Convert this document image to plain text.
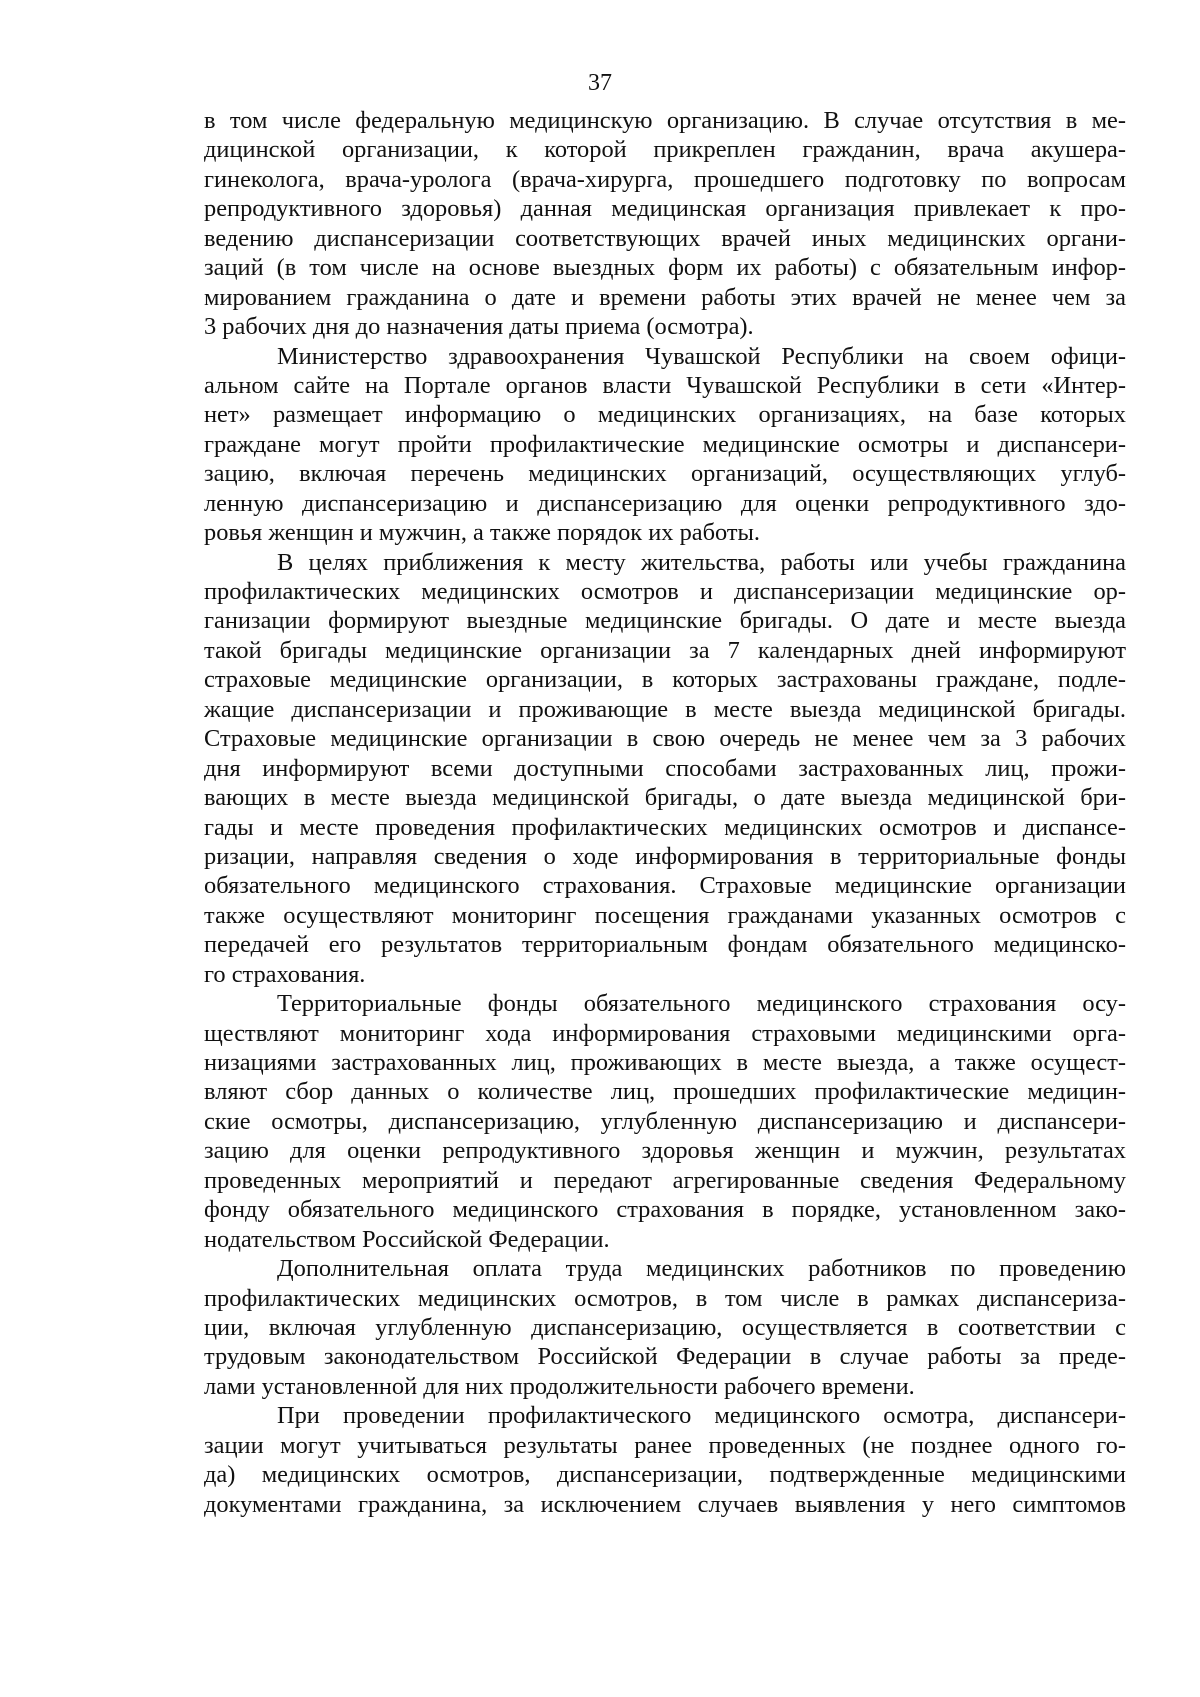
37
в том числе федеральную медицинскую организацию. В случае отсутствия в ме-
дицинской организации, к которой прикреплен гражданин, врача акушера-
гинеколога, врача-уролога (врача-хирурга, прошедшего подготовку по вопросам
репродуктивного здоровья) данная медицинская организация привлекает к про-
ведению диспансеризации соответствующих врачей иных медицинских органи-
заций (в том числе на основе выездных форм их работы) с обязательным инфор-
мированием гражданина о дате и времени работы этих врачей не менее чем за
3 рабочих дня до назначения даты приема (осмотра).
Министерство здравоохранения Чувашской Республики на своем офици-
альном сайте на Портале органов власти Чувашской Республики в сети «Интер-
нет» размещает информацию о медицинских организациях, на базе которых
граждане могут пройти профилактические медицинские осмотры и диспансери-
зацию, включая перечень медицинских организаций, осуществляющих углуб-
ленную диспансеризацию и диспансеризацию для оценки репродуктивного здо-
ровья женщин и мужчин, а также порядок их работы.
В целях приближения к месту жительства, работы или учебы гражданина
профилактических медицинских осмотров и диспансеризации медицинские ор-
ганизации формируют выездные медицинские бригады. О дате и месте выезда
такой бригады медицинские организации за 7 календарных дней информируют
страховые медицинские организации, в которых застрахованы граждане, подле-
жащие диспансеризации и проживающие в месте выезда медицинской бригады.
Страховые медицинские организации в свою очередь не менее чем за 3 рабочих
дня информируют всеми доступными способами застрахованных лиц, прожи-
вающих в месте выезда медицинской бригады, о дате выезда медицинской бри-
гады и месте проведения профилактических медицинских осмотров и диспансе-
ризации, направляя сведения о ходе информирования в территориальные фонды
обязательного медицинского страхования. Страховые медицинские организации
также осуществляют мониторинг посещения гражданами указанных осмотров с
передачей его результатов территориальным фондам обязательного медицинско-
го страхования.
Территориальные фонды обязательного медицинского страхования осу-
ществляют мониторинг хода информирования страховыми медицинскими орга-
низациями застрахованных лиц, проживающих в месте выезда, а также осущест-
вляют сбор данных о количестве лиц, прошедших профилактические медицин-
ские осмотры, диспансеризацию, углубленную диспансеризацию и диспансери-
зацию для оценки репродуктивного здоровья женщин и мужчин, результатах
проведенных мероприятий и передают агрегированные сведения Федеральному
фонду обязательного медицинского страхования в порядке, установленном зако-
нодательством Российской Федерации.
Дополнительная оплата труда медицинских работников по проведению
профилактических медицинских осмотров, в том числе в рамках диспансериза-
ции, включая углубленную диспансеризацию, осуществляется в соответствии с
трудовым законодательством Российской Федерации в случае работы за преде-
лами установленной для них продолжительности рабочего времени.
При проведении профилактического медицинского осмотра, диспансери-
зации могут учитываться результаты ранее проведенных (не позднее одного го-
да) медицинских осмотров, диспансеризации, подтвержденные медицинскими
документами гражданина, за исключением случаев выявления у него симптомов
